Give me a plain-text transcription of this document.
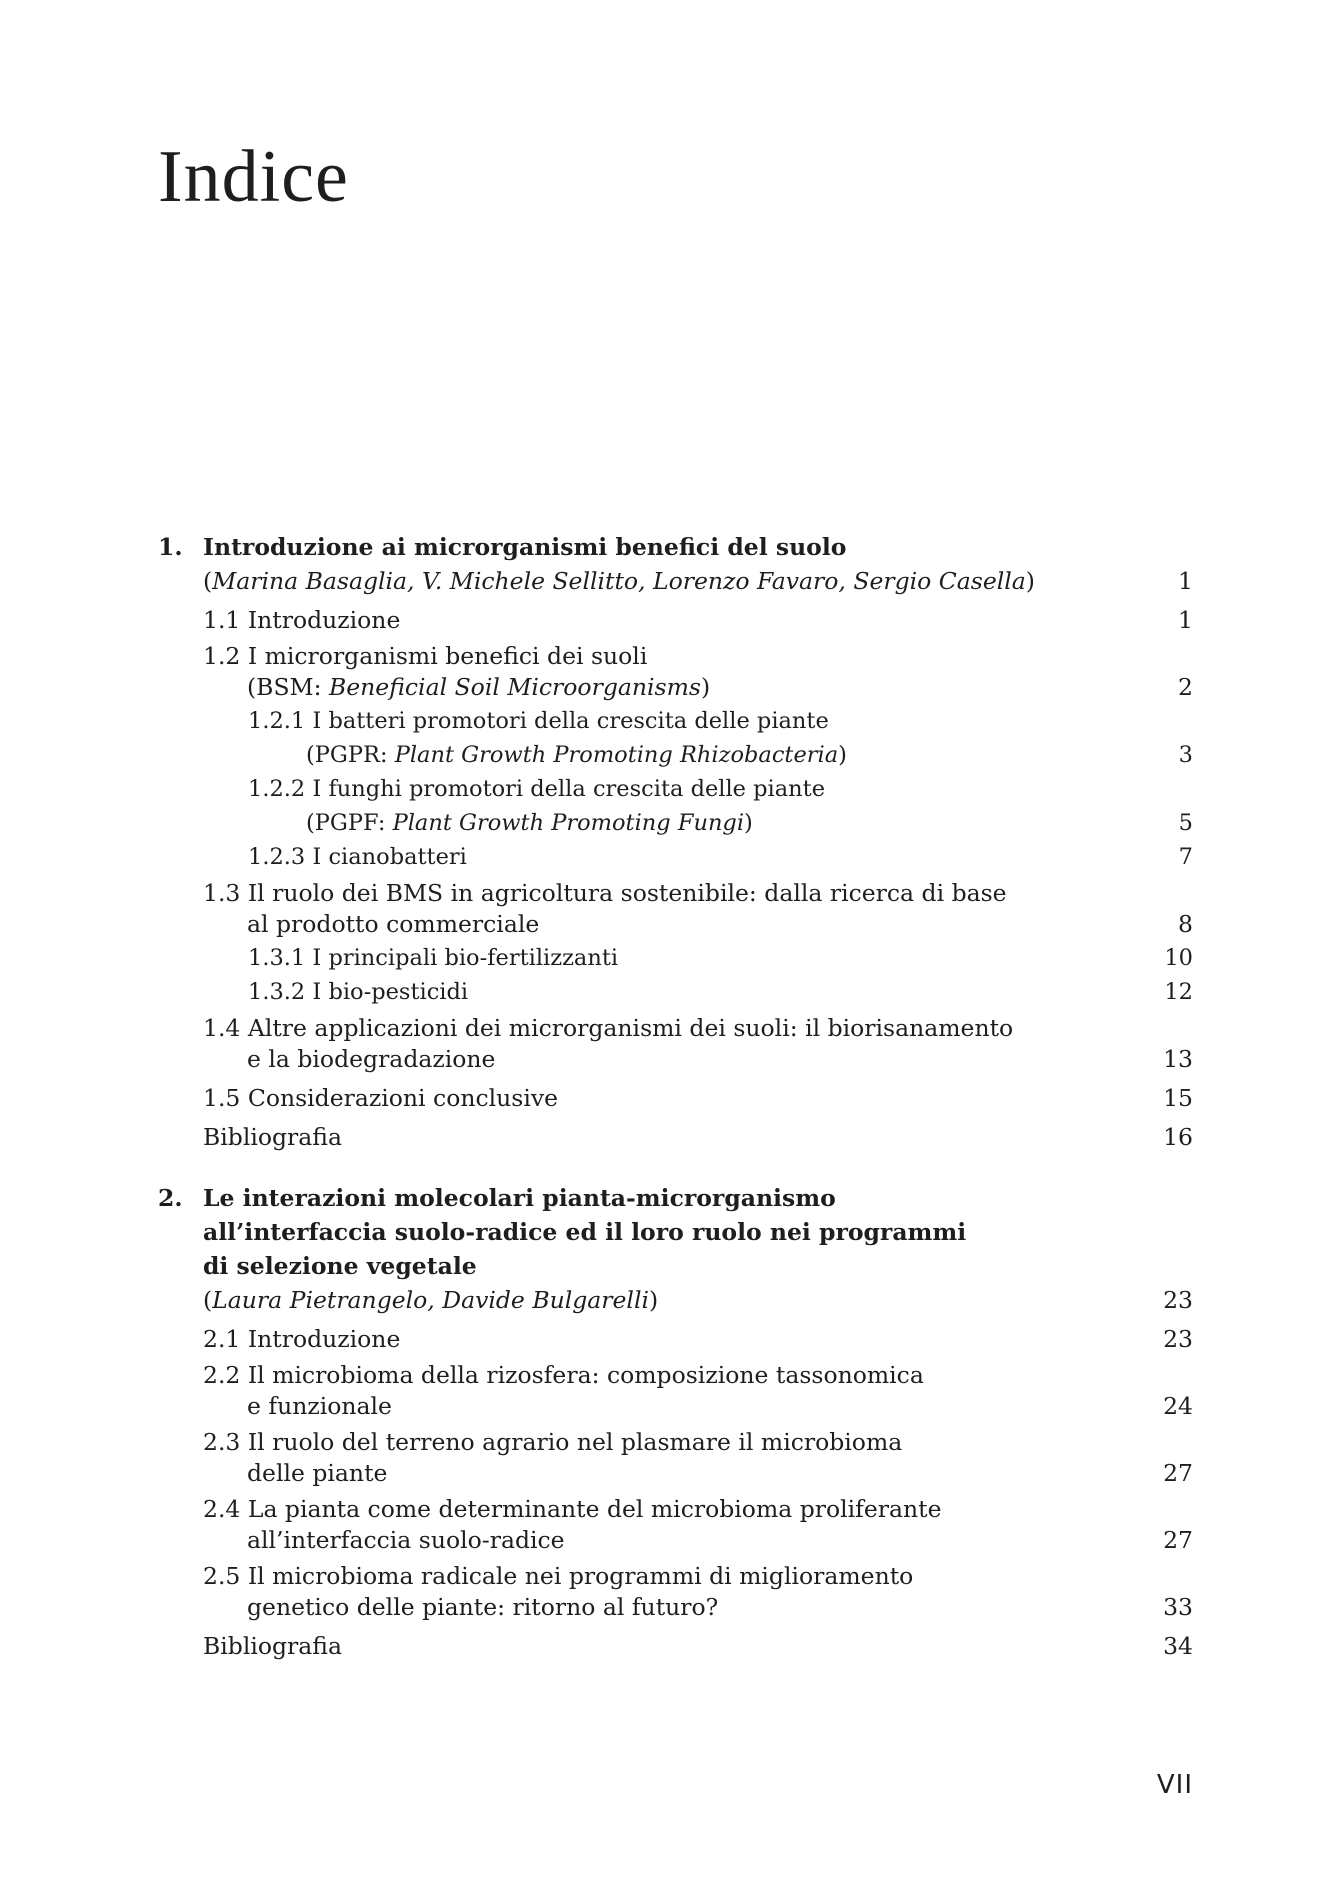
Indice
1. Introduzione ai microrganismi benefici del suolo
(Marina Basaglia, V. Michele Sellitto, Lorenzo Favaro, Sergio Casella)	1
1.1 Introduzione	1
1.2 I microrganismi benefici dei suoli
(BSM: Beneficial Soil Microorganisms)	2
1.2.1 I batteri promotori della crescita delle piante
(PGPR: Plant Growth Promoting Rhizobacteria)	3
1.2.2 I funghi promotori della crescita delle piante
(PGPF: Plant Growth Promoting Fungi)	5
1.2.3 I cianobatteri	7
1.3 Il ruolo dei BMS in agricoltura sostenibile: dalla ricerca di base
al prodotto commerciale	8
1.3.1 I principali bio-fertilizzanti	10
1.3.2 I bio-pesticidi	12
1.4 Altre applicazioni dei microrganismi dei suoli: il biorisanamento
e la biodegradazione	13
1.5 Considerazioni conclusive	15
Bibliografia	16
2. Le interazioni molecolari pianta-microrganismo
all’interfaccia suolo-radice ed il loro ruolo nei programmi
di selezione vegetale
(Laura Pietrangelo, Davide Bulgarelli)	23
2.1 Introduzione	23
2.2 Il microbioma della rizosfera: composizione tassonomica
e funzionale	24
2.3 Il ruolo del terreno agrario nel plasmare il microbioma
delle piante	27
2.4 La pianta come determinante del microbioma proliferante
all’interfaccia suolo-radice	27
2.5 Il microbioma radicale nei programmi di miglioramento
genetico delle piante: ritorno al futuro?	33
Bibliografia	34
VII
